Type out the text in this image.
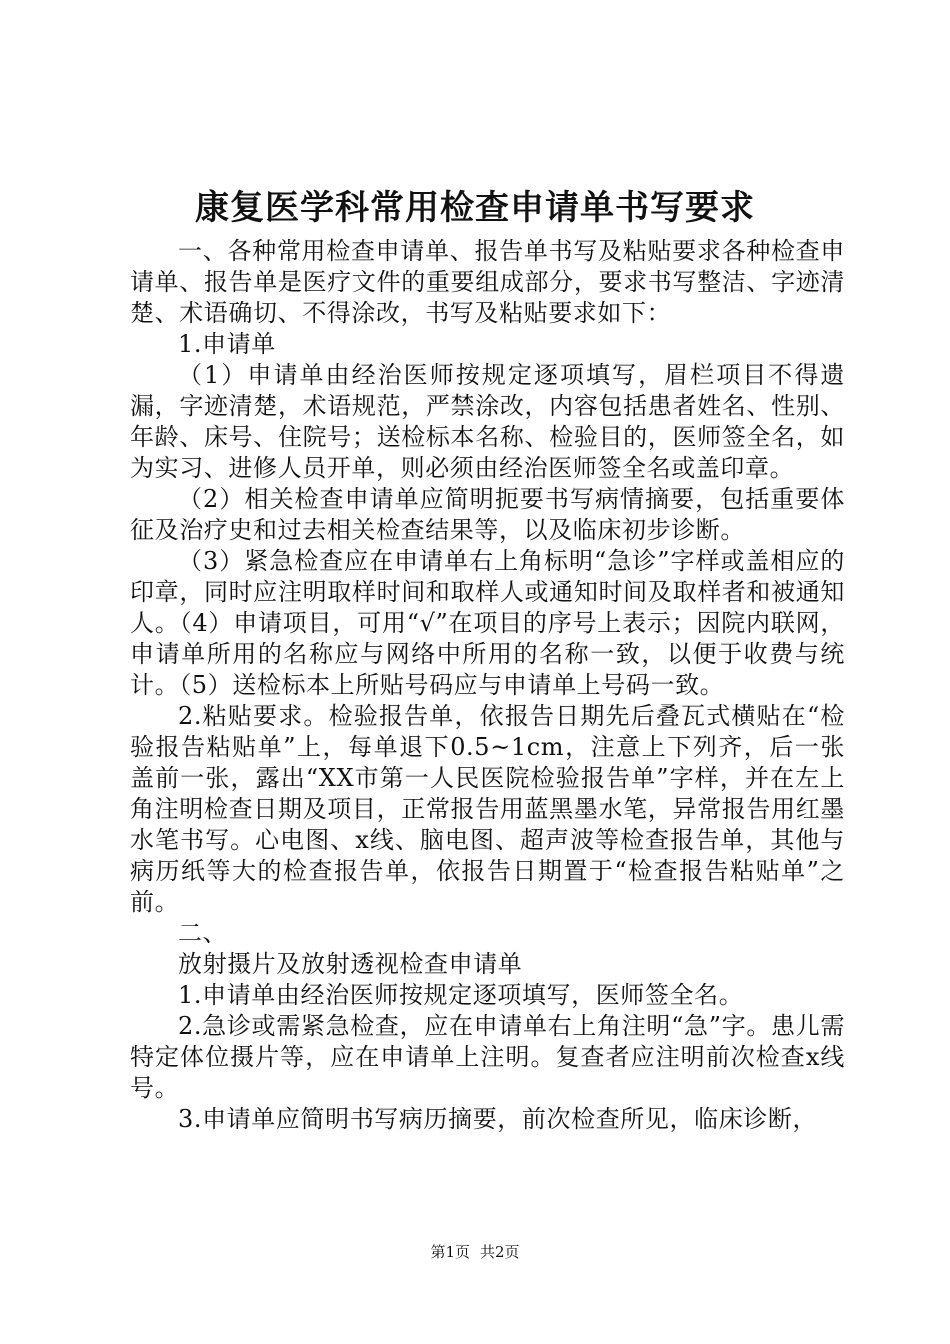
康复医学科常用检查申请单书写要求

一、各种常用检查申请单、报告单书写及粘贴要求各种检查申请单、报告单是医疗文件的重要组成部分，要求书写整洁、字迹清楚、术语确切、不得涂改，书写及粘贴要求如下：

1.申请单

（1）申请单由经治医师按规定逐项填写，眉栏项目不得遗漏，字迹清楚，术语规范，严禁涂改，内容包括患者姓名、性别、年龄、床号、住院号；送检标本名称、检验目的，医师签全名，如为实习、进修人员开单，则必须由经治医师签全名或盖印章。

（2）相关检查申请单应简明扼要书写病情摘要，包括重要体征及治疗史和过去相关检查结果等，以及临床初步诊断。

（3）紧急检查应在申请单右上角标明“急诊”字样或盖相应的印章，同时应注明取样时间和取样人或通知时间及取样者和被通知人。（4）申请项目，可用“√”在项目的序号上表示；因院内联网，申请单所用的名称应与网络中所用的名称一致，以便于收费与统计。（5）送检标本上所贴号码应与申请单上号码一致。

2.粘贴要求。检验报告单，依报告日期先后叠瓦式横贴在“检验报告粘贴单”上，每单退下0.5~1cm，注意上下列齐，后一张盖前一张，露出“XX市第一人民医院检验报告单”字样，并在左上角注明检查日期及项目，正常报告用蓝黑墨水笔，异常报告用红墨水笔书写。心电图、x线、脑电图、超声波等检查报告单，其他与病历纸等大的检查报告单，依报告日期置于“检查报告粘贴单”之前。

二、

放射摄片及放射透视检查申请单

1.申请单由经治医师按规定逐项填写，医师签全名。

2.急诊或需紧急检查，应在申请单右上角注明“急”字。患儿需特定体位摄片等，应在申请单上注明。复查者应注明前次检查x线号。

3.申请单应简明书写病历摘要，前次检查所见，临床诊断，

第1页 共2页
